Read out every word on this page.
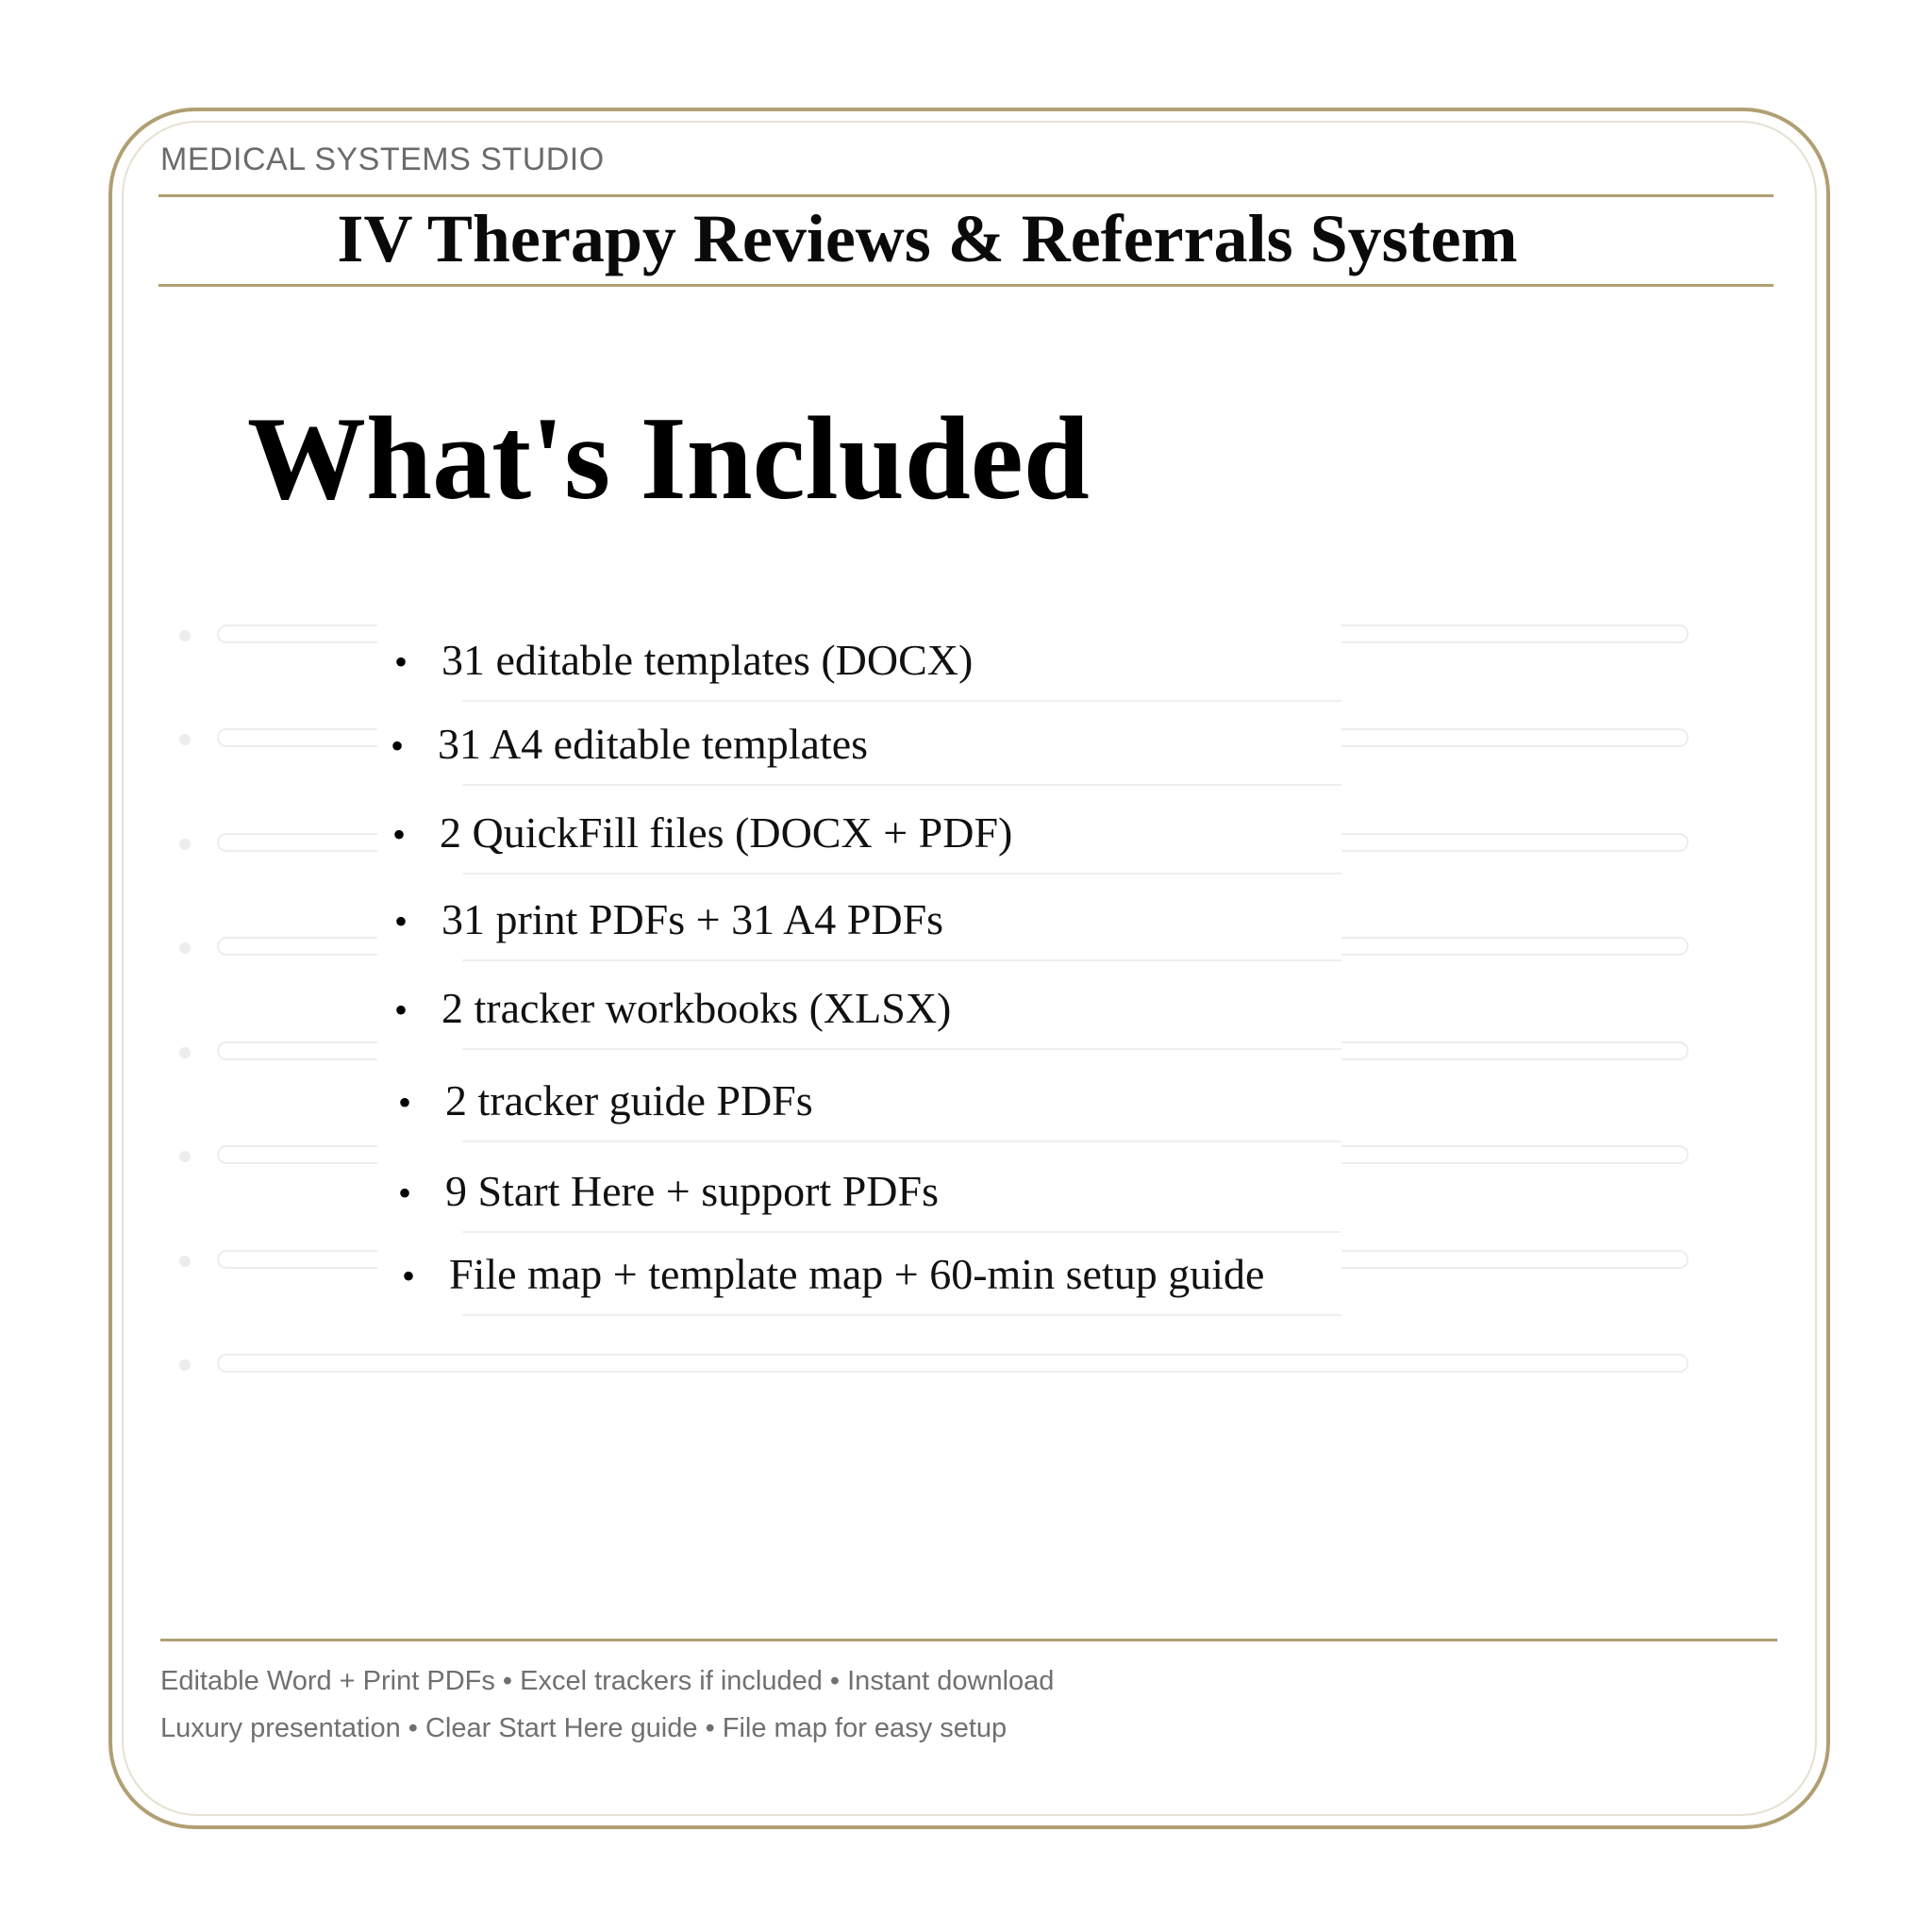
MEDICAL SYSTEMS STUDIO
IV Therapy Reviews & Referrals System
What's Included
• 31 editable templates (DOCX)
• 31 A4 editable templates
• 2 QuickFill files (DOCX + PDF)
• 31 print PDFs + 31 A4 PDFs
• 2 tracker workbooks (XLSX)
• 2 tracker guide PDFs
• 9 Start Here + support PDFs
• File map + template map + 60-min setup guide
Editable Word + Print PDFs • Excel trackers if included • Instant download
Luxury presentation • Clear Start Here guide • File map for easy setup
